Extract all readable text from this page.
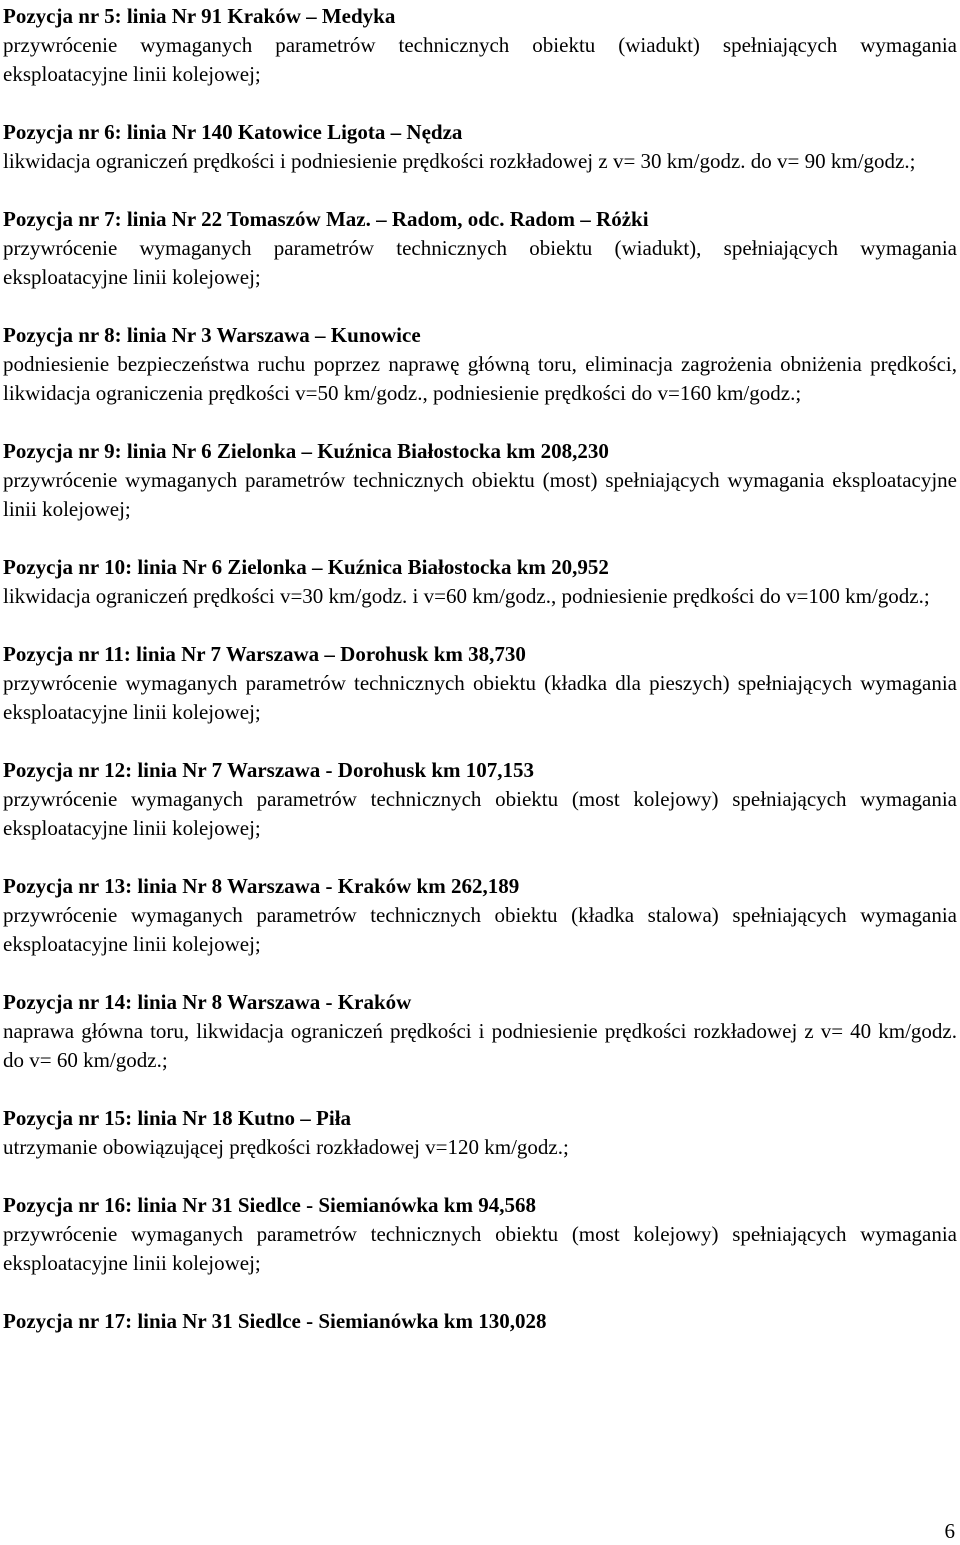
Pozycja nr 5: linia Nr 91 Kraków – Medyka

przywrócenie wymaganych parametrów technicznych obiektu (wiadukt) spełniających wymagania eksploatacyjne linii kolejowej;

Pozycja nr 6: linia Nr 140 Katowice Ligota – Nędza

likwidacja ograniczeń prędkości i podniesienie prędkości rozkładowej z v= 30 km/godz. do v= 90 km/godz.;

Pozycja nr 7: linia Nr 22 Tomaszów Maz. – Radom, odc. Radom – Różki

przywrócenie wymaganych parametrów technicznych obiektu (wiadukt), spełniających wymagania eksploatacyjne linii kolejowej;

Pozycja nr 8: linia Nr 3 Warszawa – Kunowice

podniesienie bezpieczeństwa ruchu poprzez naprawę główną toru, eliminacja zagrożenia obniżenia prędkości, likwidacja ograniczenia prędkości v=50 km/godz., podniesienie prędkości do v=160 km/godz.;

Pozycja nr 9: linia Nr 6 Zielonka – Kuźnica Białostocka km 208,230

przywrócenie wymaganych parametrów technicznych obiektu (most) spełniających wymagania eksploatacyjne linii kolejowej;

Pozycja nr 10: linia Nr 6 Zielonka – Kuźnica Białostocka km 20,952

likwidacja ograniczeń prędkości v=30 km/godz. i v=60 km/godz., podniesienie prędkości do v=100 km/godz.;

Pozycja nr 11: linia Nr 7 Warszawa – Dorohusk km 38,730

przywrócenie wymaganych parametrów technicznych obiektu (kładka dla pieszych) spełniających wymagania eksploatacyjne linii kolejowej;

Pozycja nr 12: linia Nr 7 Warszawa - Dorohusk km 107,153

przywrócenie wymaganych parametrów technicznych obiektu (most kolejowy) spełniających wymagania eksploatacyjne linii kolejowej;

Pozycja nr 13: linia Nr 8 Warszawa - Kraków km 262,189

przywrócenie wymaganych parametrów technicznych obiektu (kładka stalowa) spełniających wymagania eksploatacyjne linii kolejowej;

Pozycja nr 14: linia Nr 8 Warszawa - Kraków

naprawa główna toru, likwidacja ograniczeń prędkości i podniesienie prędkości rozkładowej z v= 40 km/godz. do v= 60 km/godz.;

Pozycja nr 15: linia Nr 18 Kutno – Piła

utrzymanie obowiązującej prędkości rozkładowej v=120 km/godz.;

Pozycja nr 16: linia Nr 31 Siedlce - Siemianówka km 94,568

przywrócenie wymaganych parametrów technicznych obiektu (most kolejowy) spełniających wymagania eksploatacyjne linii kolejowej;

Pozycja nr 17: linia Nr 31 Siedlce - Siemianówka km 130,028

6
